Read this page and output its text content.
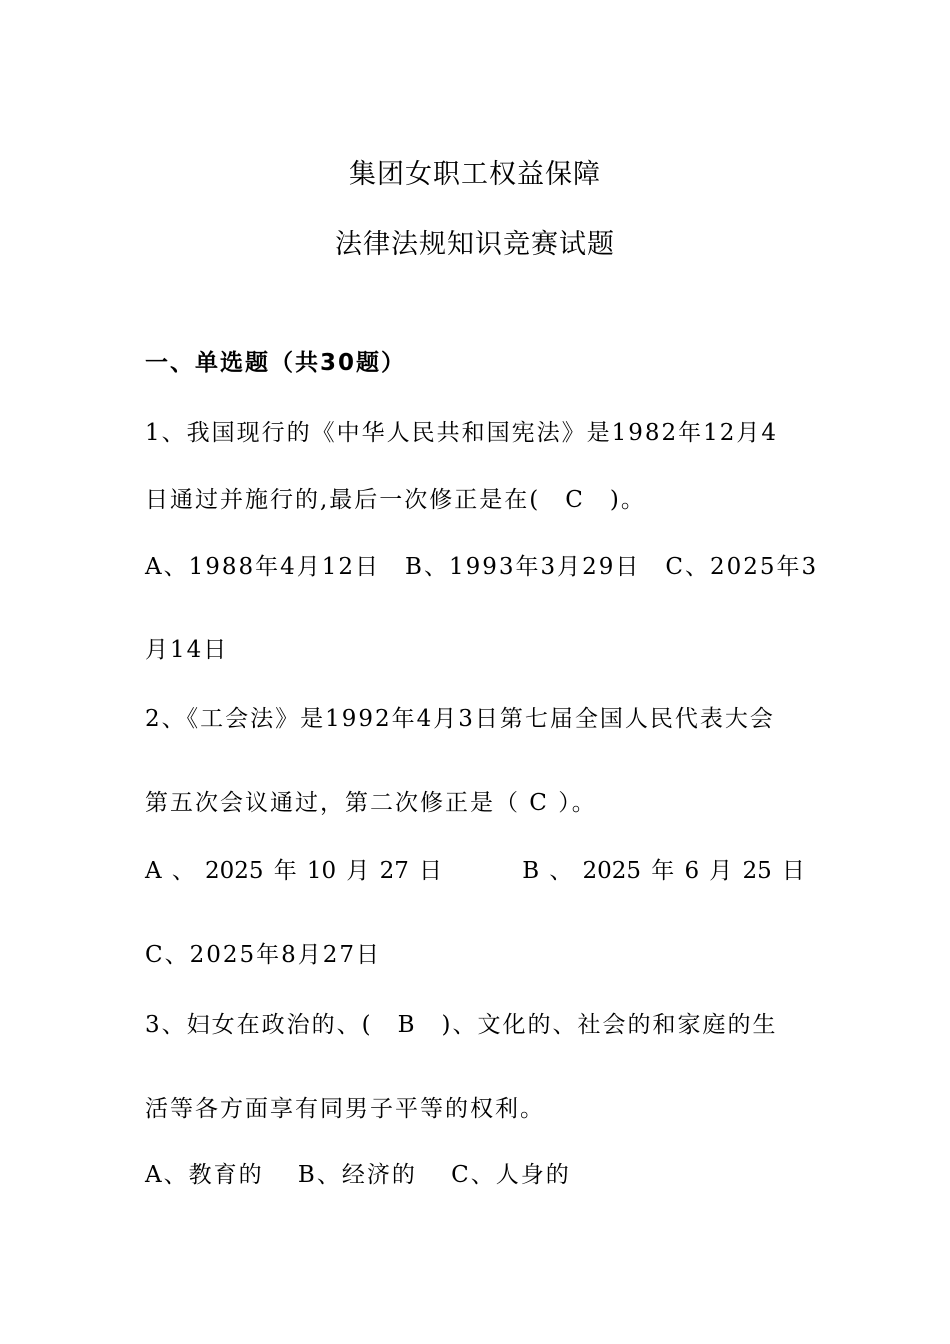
集团女职工权益保障
法律法规知识竞赛试题
一、单选题（共30题）
1、我国现行的《中华人民共和国宪法》是1982年12月4
日通过并施行的,最后一次修正是在(　C　)。
A、1988年4月12日　B、1993年3月29日　C、2025年3
月14日
2、《工会法》是1992年4月3日第七届全国人民代表大会
第五次会议通过，第二次修正是（ C ）。
A 、 2025 年 10 月 27 日	B 、 2025 年 6 月 25 日
C、2025年8月27日
3、妇女在政治的、(　B　)、文化的、社会的和家庭的生
活等各方面享有同男子平等的权利。
A、教育的　 B、经济的　 C、人身的
